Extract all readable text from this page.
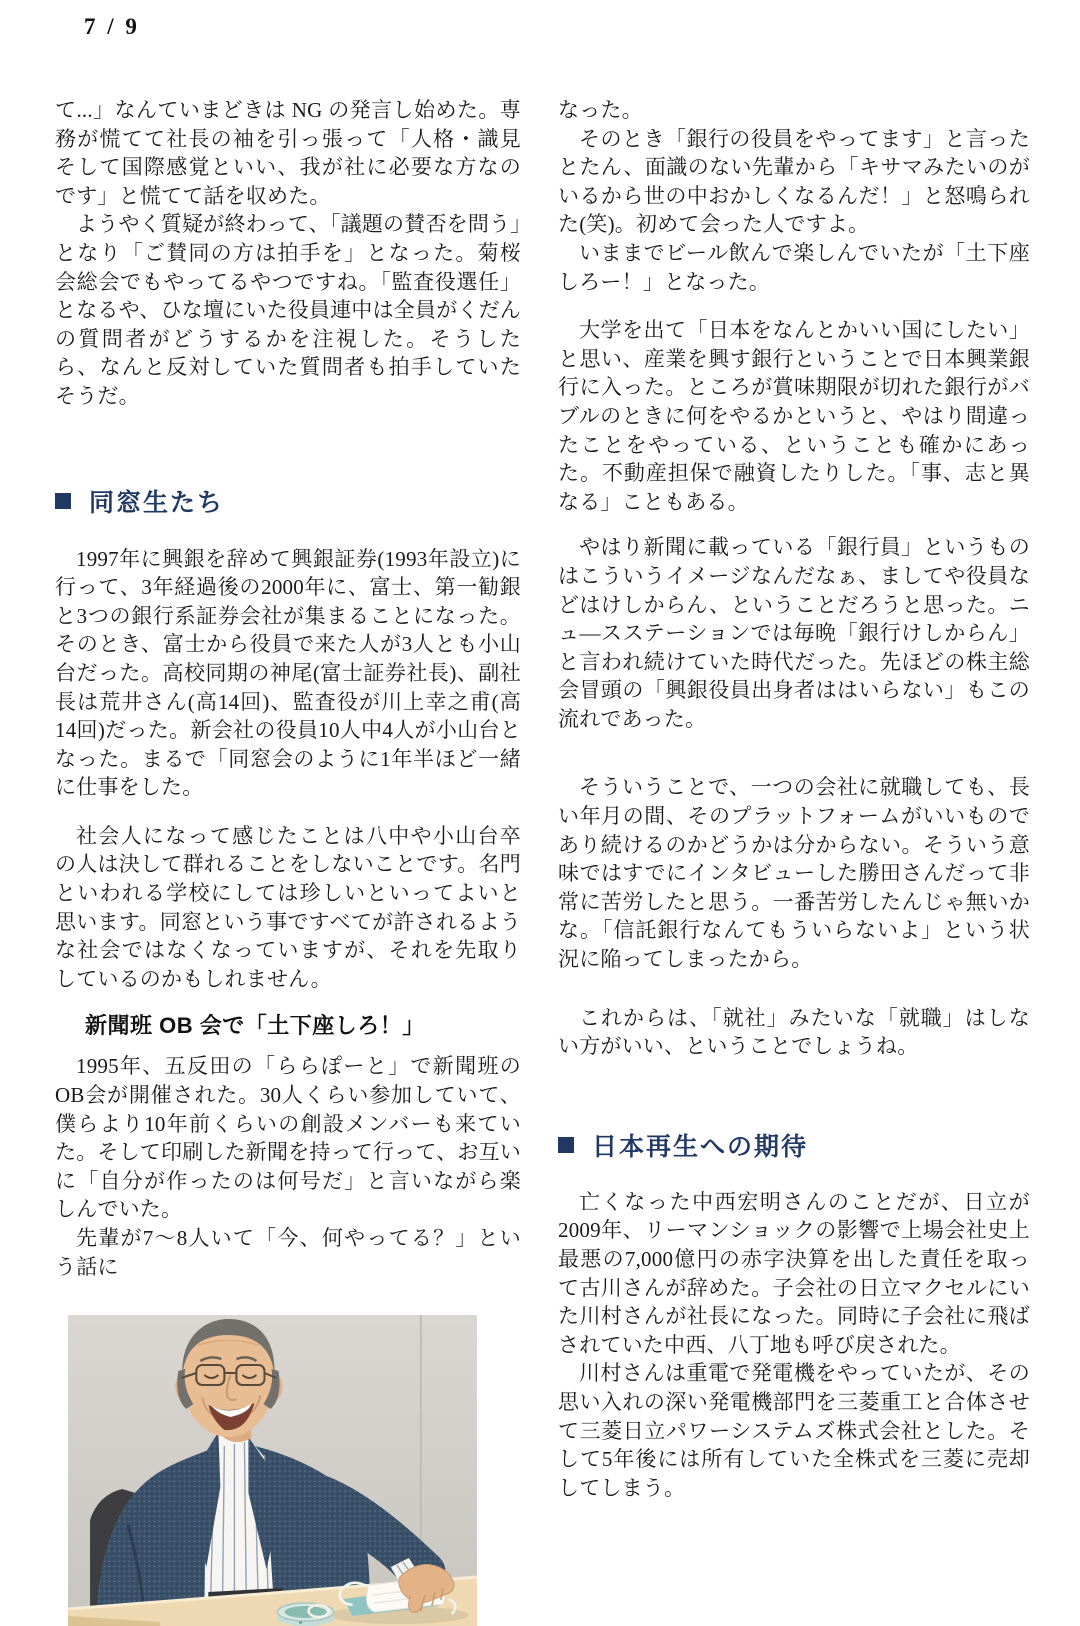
7 / 9

て...」なんていまどきは NG の発言し始めた。専務が慌てて社長の袖を引っ張って「人格・識見そして国際感覚といい、我が社に必要な方なのです」と慌てて話を収めた。

ようやく質疑が終わって、「議題の賛否を問う」となり「ご賛同の方は拍手を」となった。菊桜会総会でもやってるやつですね。「監査役選任」となるや、ひな壇にいた役員連中は全員がくだんの質問者がどうするかを注視した。そうしたら、なんと反対していた質問者も拍手していたそうだ。

同窓生たち

1997年に興銀を辞めて興銀証券(1993年設立)に行って、3年経過後の2000年に、富士、第一勧銀と3つの銀行系証券会社が集まることになった。そのとき、富士から役員で来た人が3人とも小山台だった。高校同期の神尾(富士証券社長)、副社長は荒井さん(高14回)、監査役が川上幸之甫(高14回)だった。新会社の役員10人中4人が小山台となった。まるで「同窓会のように1年半ほど一緒に仕事をした。

社会人になって感じたことは八中や小山台卒の人は決して群れることをしないことです。名門といわれる学校にしては珍しいといってよいと思います。同窓という事ですべてが許されるような社会ではなくなっていますが、それを先取りしているのかもしれません。

新聞班 OB 会で「土下座しろ！」

1995年、五反田の「ららぽーと」で新聞班のOB会が開催された。30人くらい参加していて、僕らより10年前くらいの創設メンバーも来ていた。そして印刷した新聞を持って行って、お互いに「自分が作ったのは何号だ」と言いながら楽しんでいた。

先輩が7〜8人いて「今、何やってる？」という話に

なった。

そのとき「銀行の役員をやってます」と言ったとたん、面識のない先輩から「キサマみたいのがいるから世の中おかしくなるんだ！」と怒鳴られた(笑)。初めて会った人ですよ。

いままでビール飲んで楽しんでいたが「土下座しろー！」となった。

大学を出て「日本をなんとかいい国にしたい」と思い、産業を興す銀行ということで日本興業銀行に入った。ところが賞味期限が切れた銀行がバブルのときに何をやるかというと、やはり間違ったことをやっている、ということも確かにあった。不動産担保で融資したりした。「事、志と異なる」こともある。

やはり新聞に載っている「銀行員」というものはこういうイメージなんだなぁ、ましてや役員などはけしからん、ということだろうと思った。ニュ―スステーションでは毎晩「銀行けしからん」と言われ続けていた時代だった。先ほどの株主総会冒頭の「興銀役員出身者ははいらない」もこの流れであった。

そういうことで、一つの会社に就職しても、長い年月の間、そのプラットフォームがいいものであり続けるのかどうかは分からない。そういう意味ではすでにインタビューした勝田さんだって非常に苦労したと思う。一番苦労したんじゃ無いかな。「信託銀行なんてもういらないよ」という状況に陥ってしまったから。

これからは、「就社」みたいな「就職」はしない方がいい、ということでしょうね。

日本再生への期待

亡くなった中西宏明さんのことだが、日立が2009年、リーマンショックの影響で上場会社史上最悪の7,000億円の赤字決算を出した責任を取って古川さんが辞めた。子会社の日立マクセルにいた川村さんが社長になった。同時に子会社に飛ばされていた中西、八丁地も呼び戻された。

川村さんは重電で発電機をやっていたが、その思い入れの深い発電機部門を三菱重工と合体させて三菱日立パワーシステムズ株式会社とした。そして5年後には所有していた全株式を三菱に売却してしまう。
